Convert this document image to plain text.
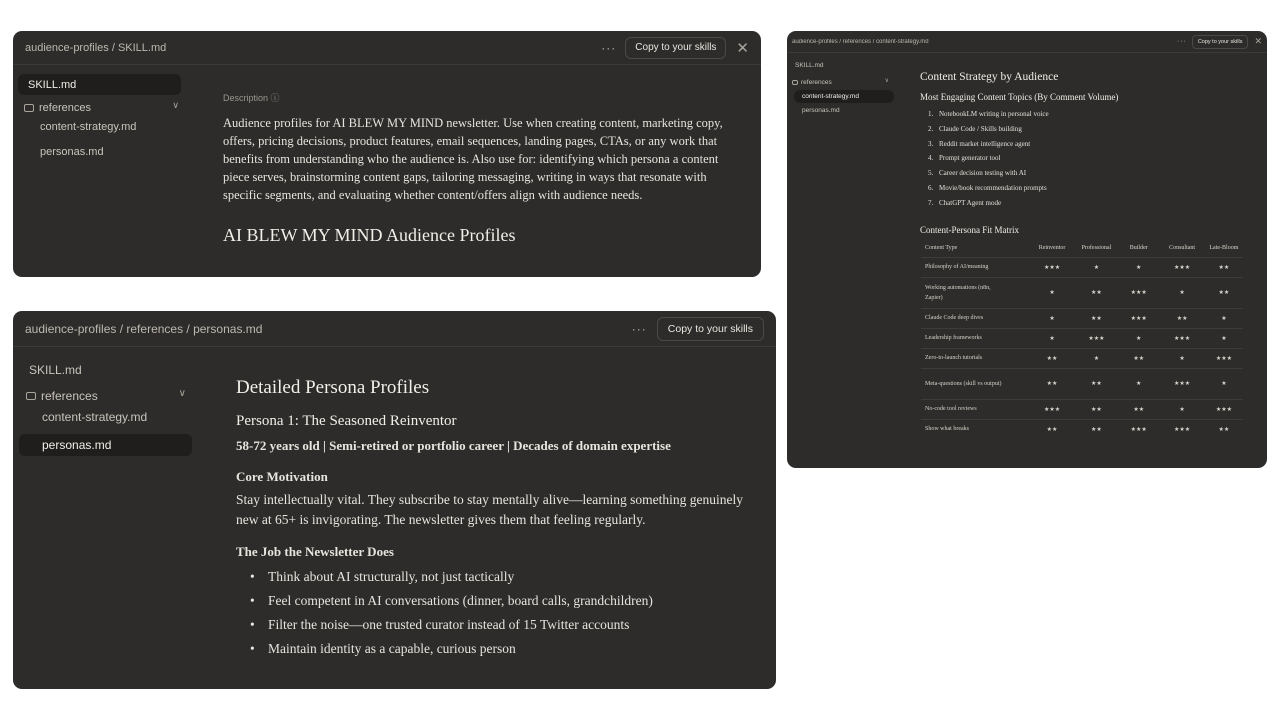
audience-profiles / SKILL.md	···	Copy to your skills	✕
SKILL.md
references	∨
content-strategy.md
personas.md
Description ⓘ
Audience profiles for AI BLEW MY MIND newsletter. Use when creating content, marketing copy, offers, pricing decisions, product features, email sequences, landing pages, CTAs, or any work that benefits from understanding who the audience is. Also use for: identifying which persona a content piece serves, brainstorming content gaps, tailoring messaging, writing in ways that resonate with specific segments, and evaluating whether content/offers align with audience needs.
AI BLEW MY MIND Audience Profiles
audience-profiles / references / personas.md	···	Copy to your skills
SKILL.md
references	∨
content-strategy.md
personas.md
Detailed Persona Profiles
Persona 1: The Seasoned Reinventor
58-72 years old | Semi-retired or portfolio career | Decades of domain expertise
Core Motivation
Stay intellectually vital. They subscribe to stay mentally alive—learning something genuinely new at 65+ is invigorating. The newsletter gives them that feeling regularly.
The Job the Newsletter Does
• Think about AI structurally, not just tactically
• Feel competent in AI conversations (dinner, board calls, grandchildren)
• Filter the noise—one trusted curator instead of 15 Twitter accounts
• Maintain identity as a capable, curious person
audience-profiles / references / content-strategy.md	···	Copy to your skills	✕
SKILL.md
references	∨
content-strategy.md
personas.md
Content Strategy by Audience
Most Engaging Content Topics (By Comment Volume)
1. NotebookLM writing in personal voice
2. Claude Code / Skills building
3. Reddit market intelligence agent
4. Prompt generator tool
5. Career decision testing with AI
6. Movie/book recommendation prompts
7. ChatGPT Agent mode
Content-Persona Fit Matrix
Content Type	Reinventor	Professional	Builder	Consultant	Late-Bloom
Philosophy of AI/meaning	★★★	★	★	★★★	★★
Working automations (n8n, Zapier)	★	★★	★★★	★	★★
Claude Code deep dives	★	★★	★★★	★★	★
Leadership frameworks	★	★★★	★	★★★	★
Zero-to-launch tutorials	★★	★	★★	★	★★★
Meta-questions (skill vs output)	★★	★★	★	★★★	★
No-code tool reviews	★★★	★★	★★	★	★★★
Show what breaks	★★	★★	★★★	★★★	★★
